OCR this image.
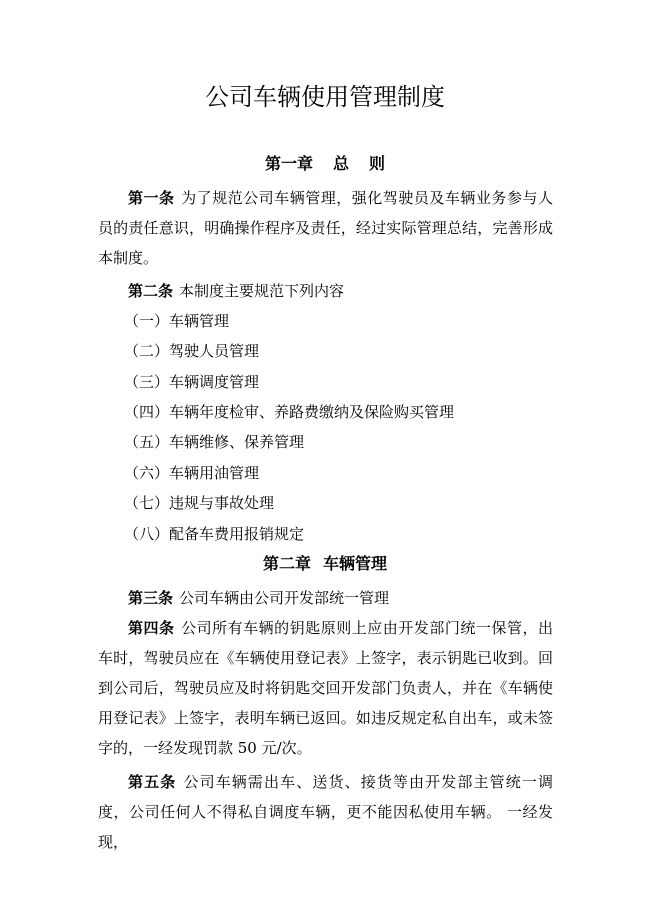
公司车辆使用管理制度
第一章 总 则
第一条 为了规范公司车辆管理，强化驾驶员及车辆业务参与人员的责任意识，明确操作程序及责任，经过实际管理总结，完善形成本制度。
第二条 本制度主要规范下列内容
（一）车辆管理
（二）驾驶人员管理
（三）车辆调度管理
（四）车辆年度检审、养路费缴纳及保险购买管理
（五）车辆维修、保养管理
（六）车辆用油管理
（七）违规与事故处理
（八）配备车费用报销规定
第二章 车辆管理
第三条 公司车辆由公司开发部统一管理
第四条 公司所有车辆的钥匙原则上应由开发部门统一保管，出车时，驾驶员应在《车辆使用登记表》上签字，表示钥匙已收到。回到公司后，驾驶员应及时将钥匙交回开发部门负责人，并在《车辆使用登记表》上签字，表明车辆已返回。如违反规定私自出车，或未签字的，一经发现罚款 50 元/次。
第五条 公司车辆需出车、送货、接货等由开发部主管统一调度，公司任何人不得私自调度车辆，更不能因私使用车辆。 一经发现，
